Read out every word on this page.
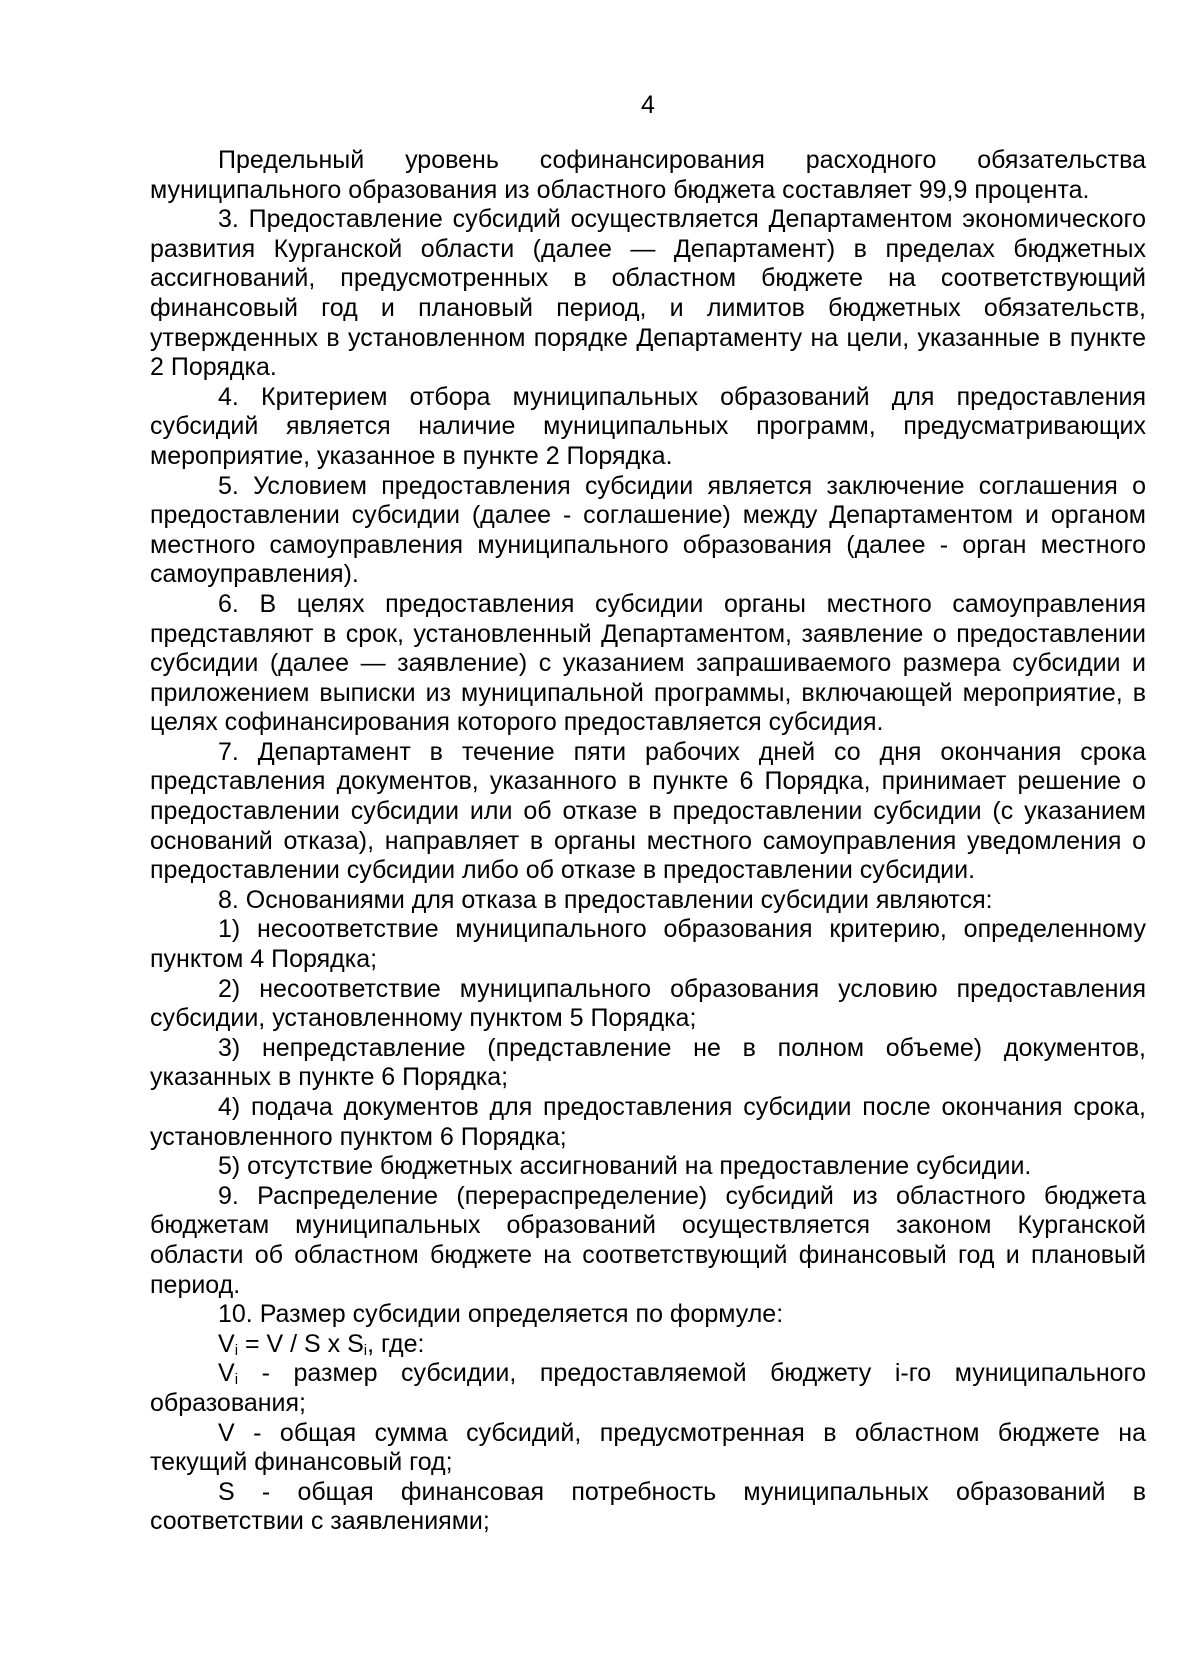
4

Предельный уровень софинансирования расходного обязательства муниципального образования из областного бюджета составляет 99,9 процента.

3. Предоставление субсидий осуществляется Департаментом экономического развития Курганской области (далее — Департамент) в пределах бюджетных ассигнований, предусмотренных в областном бюджете на соответствующий финансовый год и плановый период, и лимитов бюджетных обязательств, утвержденных в установленном порядке Департаменту на цели, указанные в пункте 2 Порядка.

4. Критерием отбора муниципальных образований для предоставления субсидий является наличие муниципальных программ, предусматривающих мероприятие, указанное в пункте 2 Порядка.

5. Условием предоставления субсидии является заключение соглашения о предоставлении субсидии (далее - соглашение) между Департаментом и органом местного самоуправления муниципального образования (далее - орган местного самоуправления).

6. В целях предоставления субсидии органы местного самоуправления представляют в срок, установленный Департаментом, заявление о предоставлении субсидии (далее — заявление) с указанием запрашиваемого размера субсидии и приложением выписки из муниципальной программы, включающей мероприятие, в целях софинансирования которого предоставляется субсидия.

7. Департамент в течение пяти рабочих дней со дня окончания срока представления документов, указанного в пункте 6 Порядка, принимает решение о предоставлении субсидии или об отказе в предоставлении субсидии (с указанием оснований отказа), направляет в органы местного самоуправления уведомления о предоставлении субсидии либо об отказе в предоставлении субсидии.

8. Основаниями для отказа в предоставлении субсидии являются:

1) несоответствие муниципального образования критерию, определенному пунктом 4 Порядка;

2) несоответствие муниципального образования условию предоставления субсидии, установленному пунктом 5 Порядка;

3) непредставление (представление не в полном объеме) документов, указанных в пункте 6 Порядка;

4) подача документов для предоставления субсидии после окончания срока, установленного пунктом 6 Порядка;

5) отсутствие бюджетных ассигнований на предоставление субсидии.

9. Распределение (перераспределение) субсидий из областного бюджета бюджетам муниципальных образований осуществляется законом Курганской области об областном бюджете на соответствующий финансовый год и плановый период.

10. Размер субсидии определяется по формуле:

$V_i = V / S$ x $S_i$, где:

$V_i$ - размер субсидии, предоставляемой бюджету i-го муниципального образования;

V - общая сумма субсидий, предусмотренная в областном бюджете на текущий финансовый год;

S - общая финансовая потребность муниципальных образований в соответствии с заявлениями;
